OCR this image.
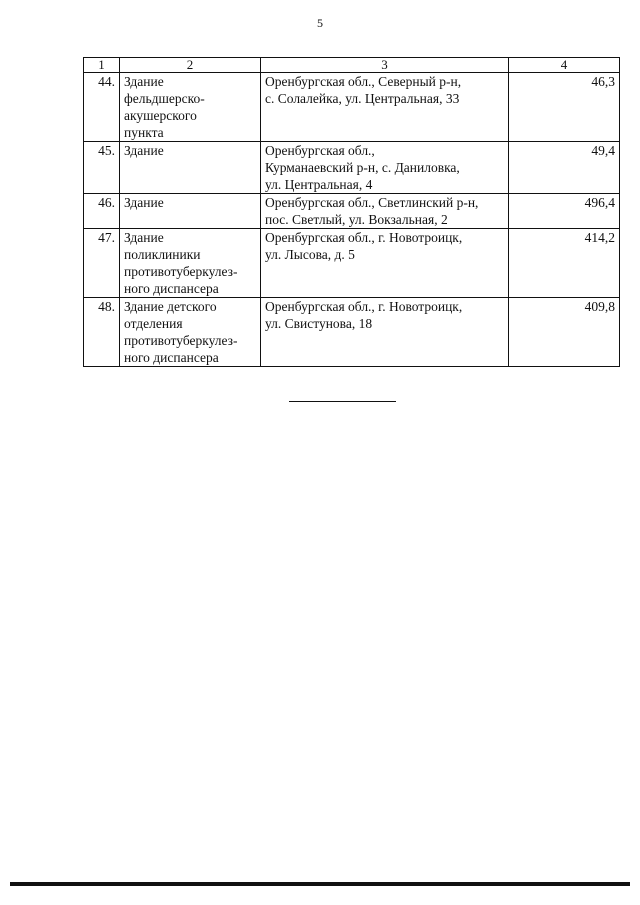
5
1	2	3	4
44.	Здание
фельдшерско-
акушерского
пункта	Оренбургская обл., Северный р-н,
с. Солалейка, ул. Центральная, 33	46,3
45.	Здание	Оренбургская обл.,
Курманаевский р-н, с. Даниловка,
ул. Центральная, 4	49,4
46.	Здание	Оренбургская обл., Светлинский р-н,
пос. Светлый, ул. Вокзальная, 2	496,4
47.	Здание
поликлиники
противотуберкулез-
ного диспансера	Оренбургская обл., г. Новотроицк,
ул. Лысова, д. 5	414,2
48.	Здание детского
отделения
противотуберкулез-
ного диспансера	Оренбургская обл., г. Новотроицк,
ул. Свистунова, 18	409,8
